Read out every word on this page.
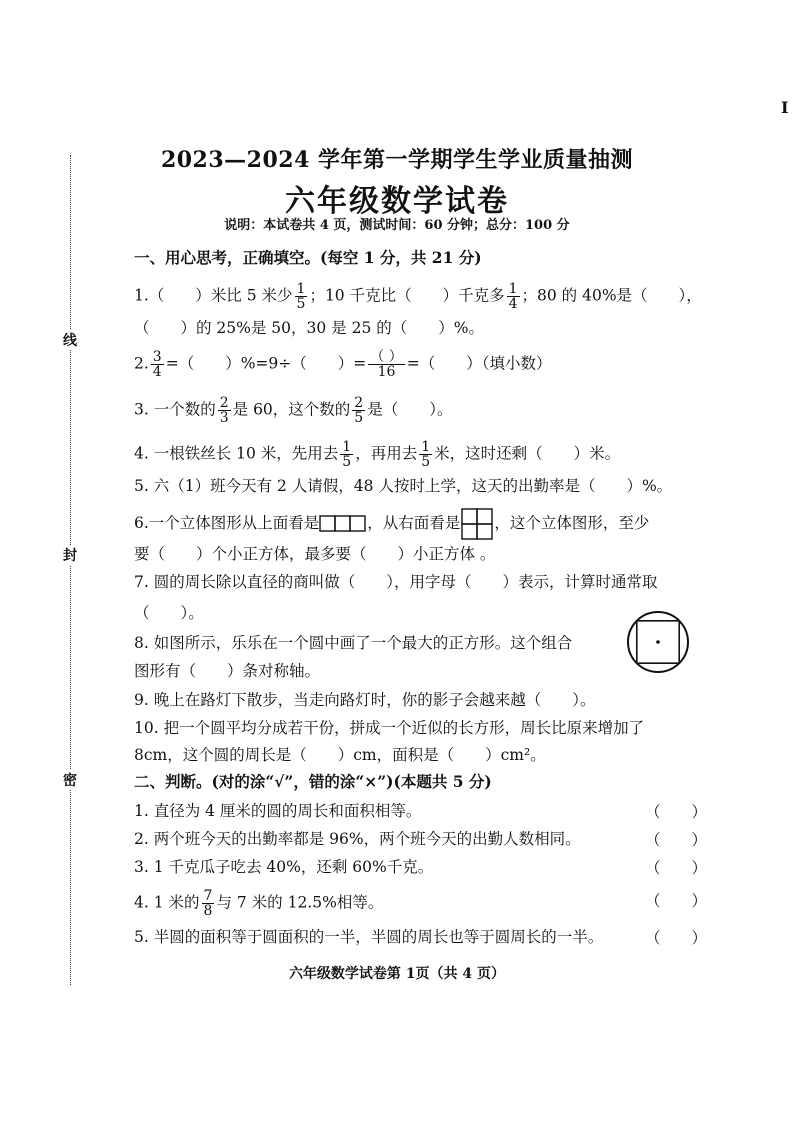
线
封
密
I
2023—2024 学年第一学期学生学业质量抽测
六年级数学试卷
说明：本试卷共 4 页，测试时间：60 分钟；总分：100 分
一、用心思考，正确填空。(每空 1 分，共 21 分)
1.（　　）米比 5 米少 $\frac{1}{5}$ ；10 千克比（　　）千克多 $\frac{1}{4}$ ；80 的 40%是（　　），
（　　）的 25%是 50，30 是 25 的（　　）%。
2. $\frac{3}{4}$ =（　　）%=9÷（　　）= $\frac{( )}{16}$ =（　　）（填小数）
3. 一个数的 $\frac{2}{3}$ 是 60，这个数的 $\frac{2}{5}$ 是（　　）。
4. 一根铁丝长 10 米，先用去 $\frac{1}{5}$ ，再用去 $\frac{1}{5}$ 米，这时还剩（　　）米。
5. 六（1）班今天有 2 人请假，48 人按时上学，这天的出勤率是（　　）%。
6.一个立体图形从上面看是	，从右面看是 ，这个立体图形，至少
要（　　）个小正方体，最多要（　　）小正方体 。
7. 圆的周长除以直径的商叫做（　　），用字母（　　）表示，计算时通常取
（　　）。
8. 如图所示，乐乐在一个圆中画了一个最大的正方形。这个组合
图形有（　　）条对称轴。
9. 晚上在路灯下散步，当走向路灯时，你的影子会越来越（　　）。
10. 把一个圆平均分成若干份，拼成一个近似的长方形，周长比原来增加了
8cm，这个圆的周长是（　　）cm，面积是（　　）cm²。
二、判断。(对的涂“√”，错的涂“×”)(本题共 5 分)
1. 直径为 4 厘米的圆的周长和面积相等。	（　　）
2. 两个班今天的出勤率都是 96%，两个班今天的出勤人数相同。	（　　）
3. 1 千克瓜子吃去 40%，还剩 60%千克。	（　　）
4. 1 米的 $\frac{7}{8}$ 与 7 米的 12.5%相等。	（　　）
5. 半圆的面积等于圆面积的一半，半圆的周长也等于圆周长的一半。	（　　）
六年级数学试卷第 1页（共 4 页）
